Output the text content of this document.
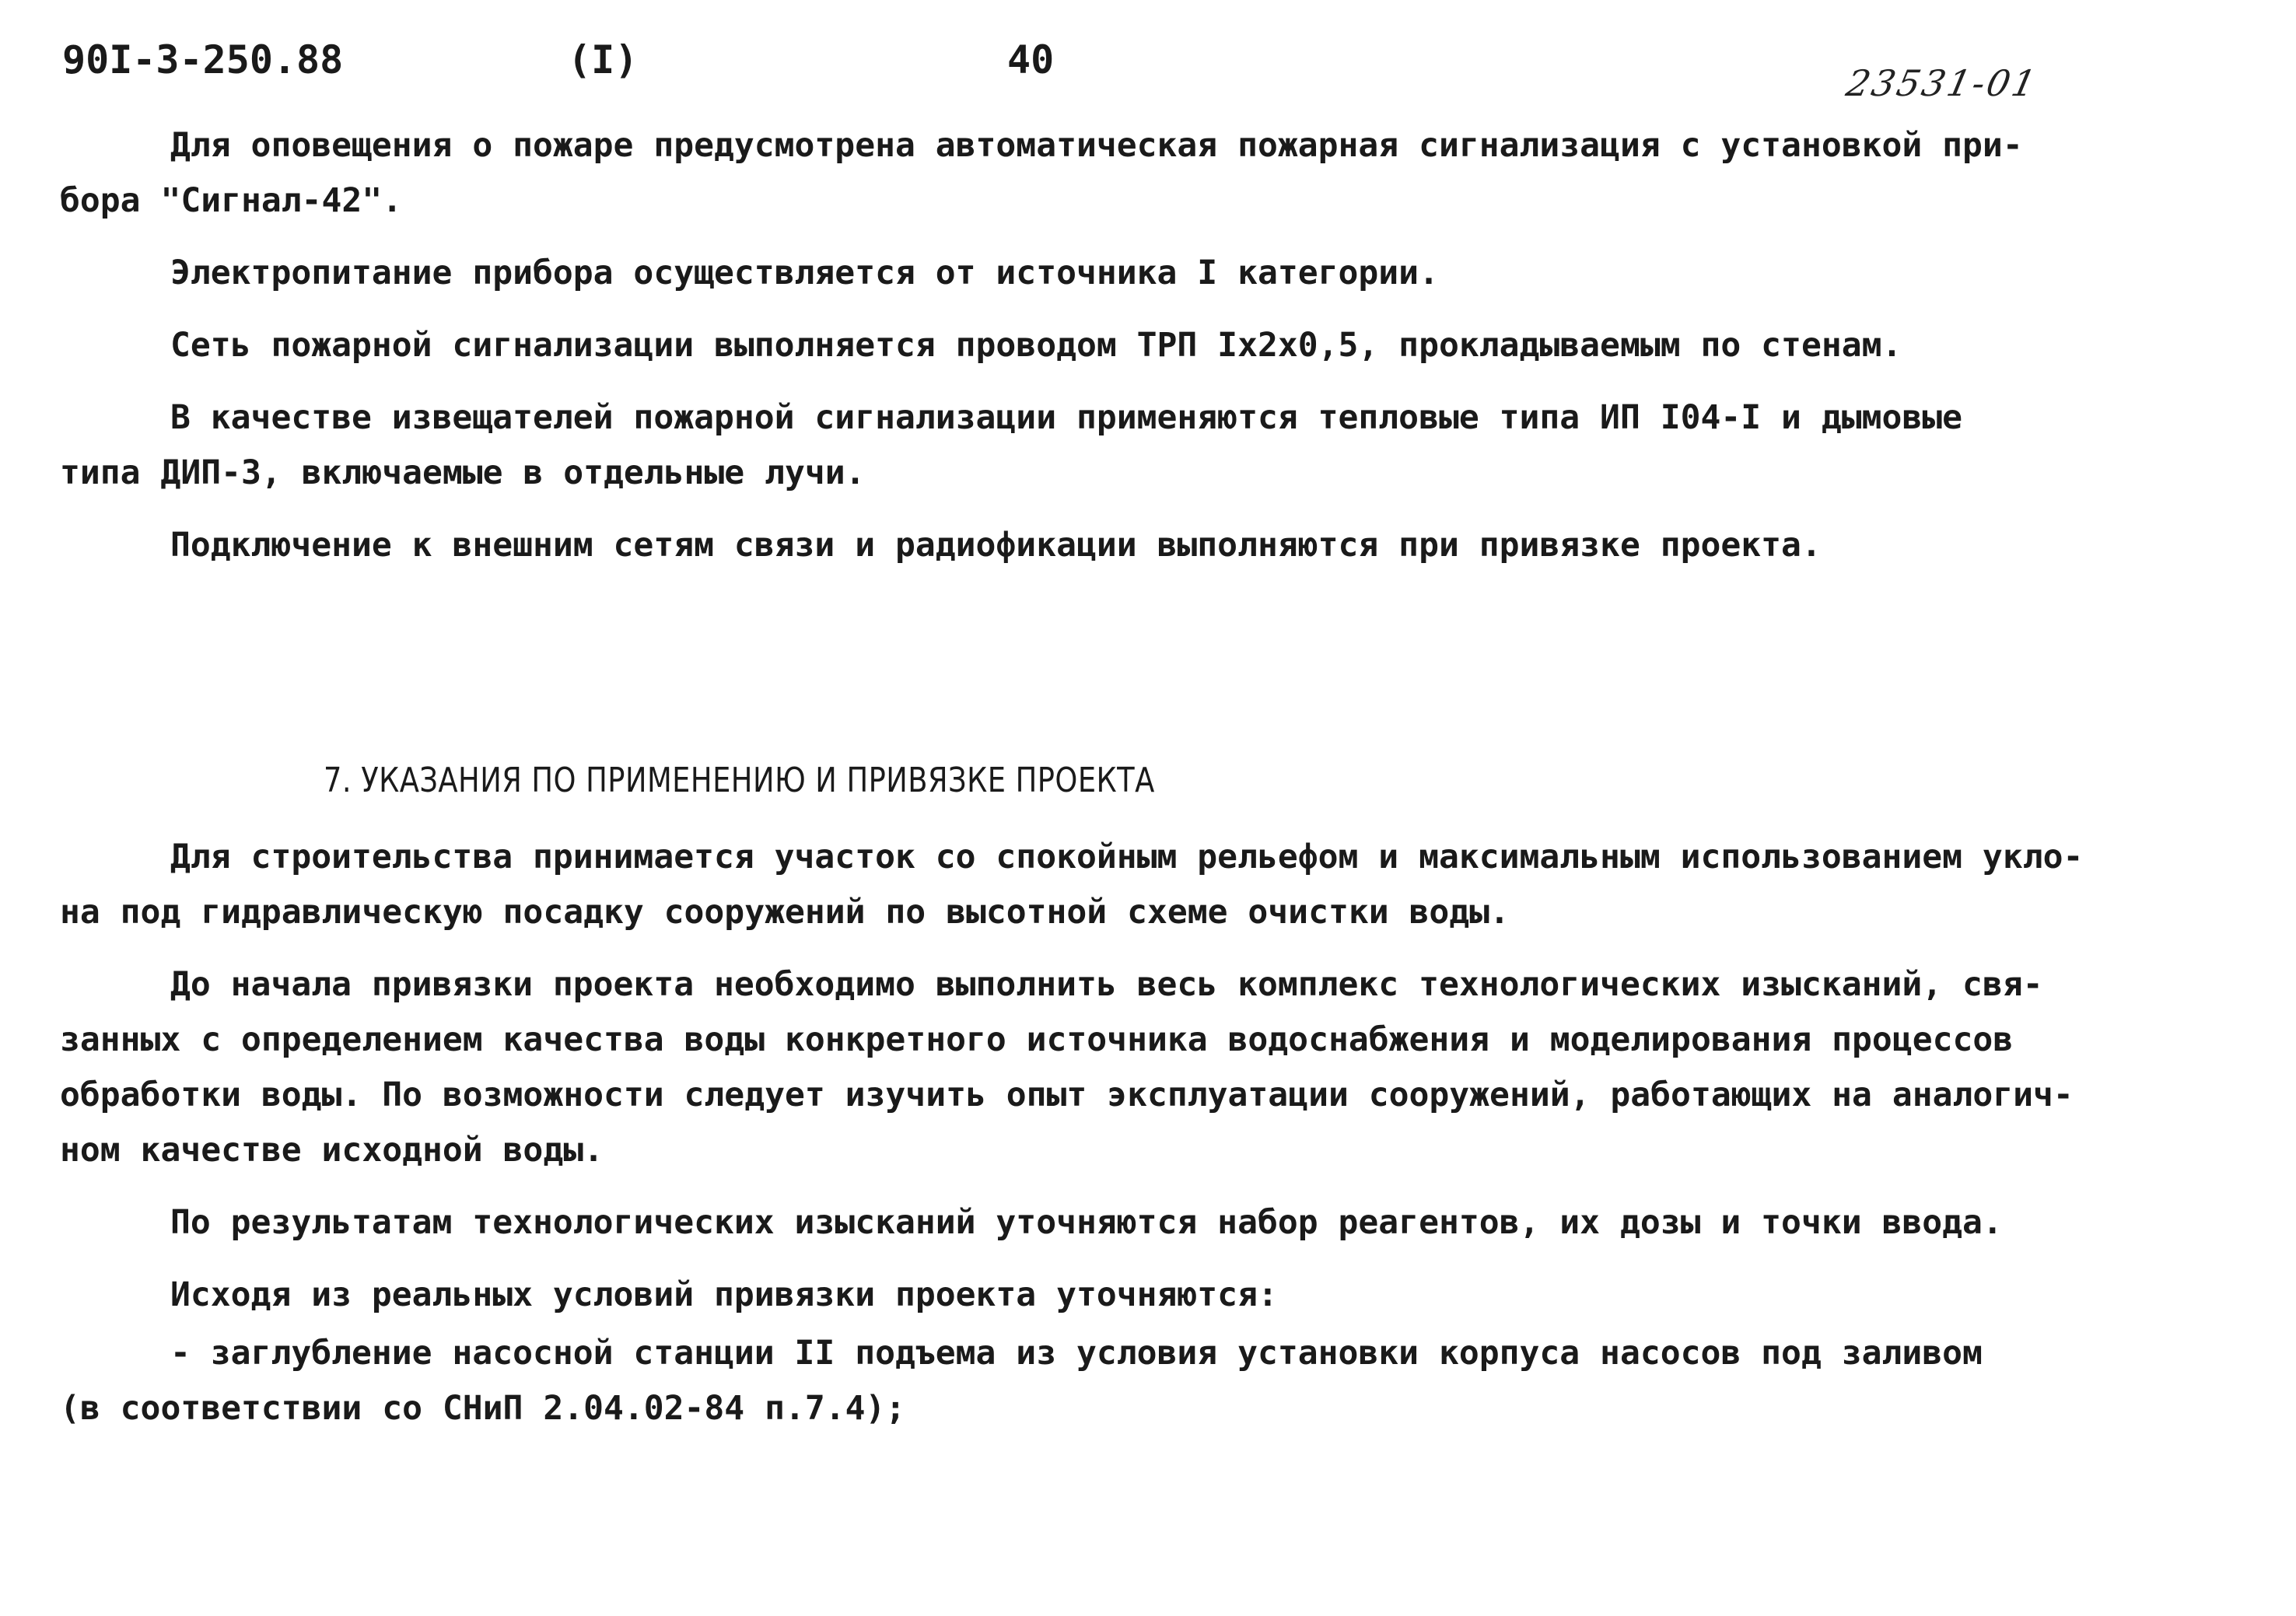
90I-3-250.88	(I)	40
23531-01
Для оповещения о пожаре предусмотрена автоматическая пожарная сигнализация с установкой при-
бора "Сигнал-42".
Электропитание прибора осуществляется от источника I категории.
Сеть пожарной сигнализации выполняется проводом ТРП Iх2х0,5, прокладываемым по стенам.
В качестве извещателей пожарной сигнализации применяются тепловые типа ИП I04-I и дымовые
типа ДИП-3, включаемые в отдельные лучи.
Подключение к внешним сетям связи и радиофикации выполняются при привязке проекта.
7. УКАЗАНИЯ ПО ПРИМЕНЕНИЮ И ПРИВЯЗКЕ ПРОЕКТА
Для строительства принимается участок со спокойным рельефом и максимальным использованием укло-
на под гидравлическую посадку сооружений по высотной схеме очистки воды.
До начала привязки проекта необходимо выполнить весь комплекс технологических изысканий, свя-
занных с определением качества воды конкретного источника водоснабжения и моделирования процессов
обработки воды. По возможности следует изучить опыт эксплуатации сооружений, работающих на аналогич-
ном качестве исходной воды.
По результатам технологических изысканий уточняются набор реагентов, их дозы и точки ввода.
Исходя из реальных условий привязки проекта уточняются:
- заглубление насосной станции II подъема из условия установки корпуса насосов под заливом
(в соответствии со СНиП 2.04.02-84 п.7.4);
